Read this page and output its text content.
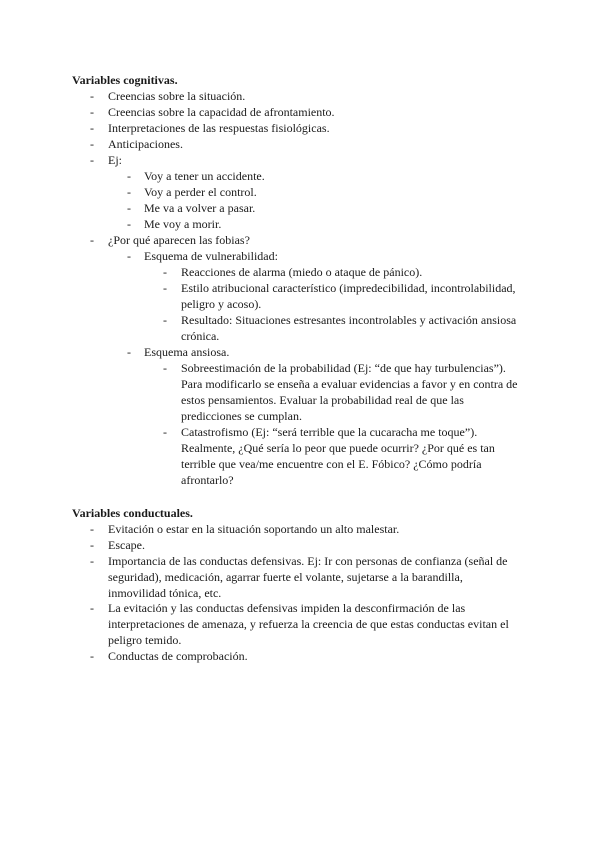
Variables cognitivas.
- Creencias sobre la situación.
- Creencias sobre la capacidad de afrontamiento.
- Interpretaciones de las respuestas fisiológicas.
- Anticipaciones.
- Ej:
- Voy a tener un accidente.
- Voy a perder el control.
- Me va a volver a pasar.
- Me voy a morir.
- ¿Por qué aparecen las fobias?
- Esquema de vulnerabilidad:
- Reacciones de alarma (miedo o ataque de pánico).
- Estilo atribucional característico (impredecibilidad, incontrolabilidad,
peligro y acoso).
- Resultado: Situaciones estresantes incontrolables y activación ansiosa
crónica.
- Esquema ansiosa.
- Sobreestimación de la probabilidad (Ej: “de que hay turbulencias”).
Para modificarlo se enseña a evaluar evidencias a favor y en contra de
estos pensamientos. Evaluar la probabilidad real de que las
predicciones se cumplan.
- Catastrofismo (Ej: “será terrible que la cucaracha me toque”).
Realmente, ¿Qué sería lo peor que puede ocurrir? ¿Por qué es tan
terrible que vea/me encuentre con el E. Fóbico? ¿Cómo podría
afrontarlo?
Variables conductuales.
- Evitación o estar en la situación soportando un alto malestar.
- Escape.
- Importancia de las conductas defensivas. Ej: Ir con personas de confianza (señal de
seguridad), medicación, agarrar fuerte el volante, sujetarse a la barandilla,
inmovilidad tónica, etc.
- La evitación y las conductas defensivas impiden la desconfirmación de las
interpretaciones de amenaza, y refuerza la creencia de que estas conductas evitan el
peligro temido.
- Conductas de comprobación.
